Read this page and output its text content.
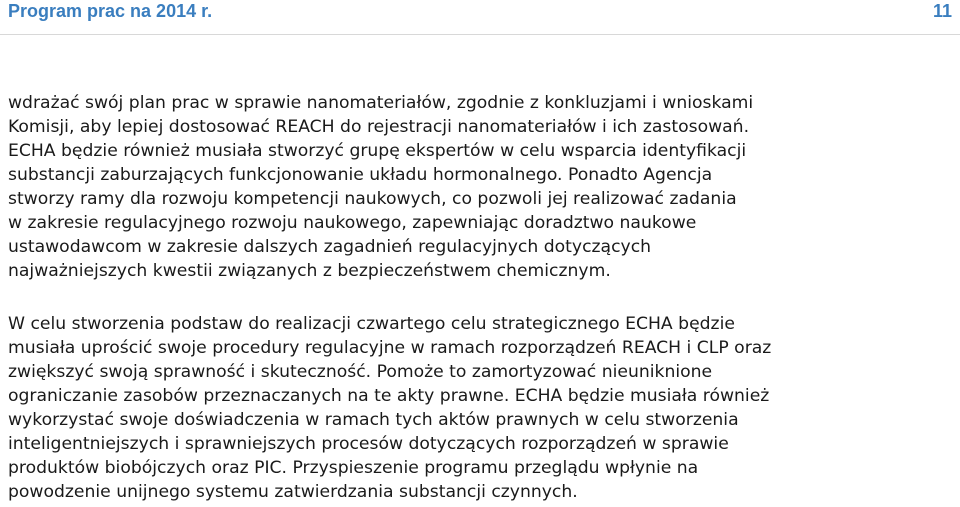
Program prac na 2014 r.	11
wdrażać swój plan prac w sprawie nanomateriałów, zgodnie z konkluzjami i wnioskami
Komisji, aby lepiej dostosować REACH do rejestracji nanomateriałów i ich zastosowań.
ECHA będzie również musiała stworzyć grupę ekspertów w celu wsparcia identyfikacji
substancji zaburzających funkcjonowanie układu hormonalnego. Ponadto Agencja
stworzy ramy dla rozwoju kompetencji naukowych, co pozwoli jej realizować zadania
w zakresie regulacyjnego rozwoju naukowego, zapewniając doradztwo naukowe
ustawodawcom w zakresie dalszych zagadnień regulacyjnych dotyczących
najważniejszych kwestii związanych z bezpieczeństwem chemicznym.
W celu stworzenia podstaw do realizacji czwartego celu strategicznego ECHA będzie
musiała uprościć swoje procedury regulacyjne w ramach rozporządzeń REACH i CLP oraz
zwiększyć swoją sprawność i skuteczność. Pomoże to zamortyzować nieuniknione
ograniczanie zasobów przeznaczanych na te akty prawne. ECHA będzie musiała również
wykorzystać swoje doświadczenia w ramach tych aktów prawnych w celu stworzenia
inteligentniejszych i sprawniejszych procesów dotyczących rozporządzeń w sprawie
produktów biobójczych oraz PIC. Przyspieszenie programu przeglądu wpłynie na
powodzenie unijnego systemu zatwierdzania substancji czynnych.
